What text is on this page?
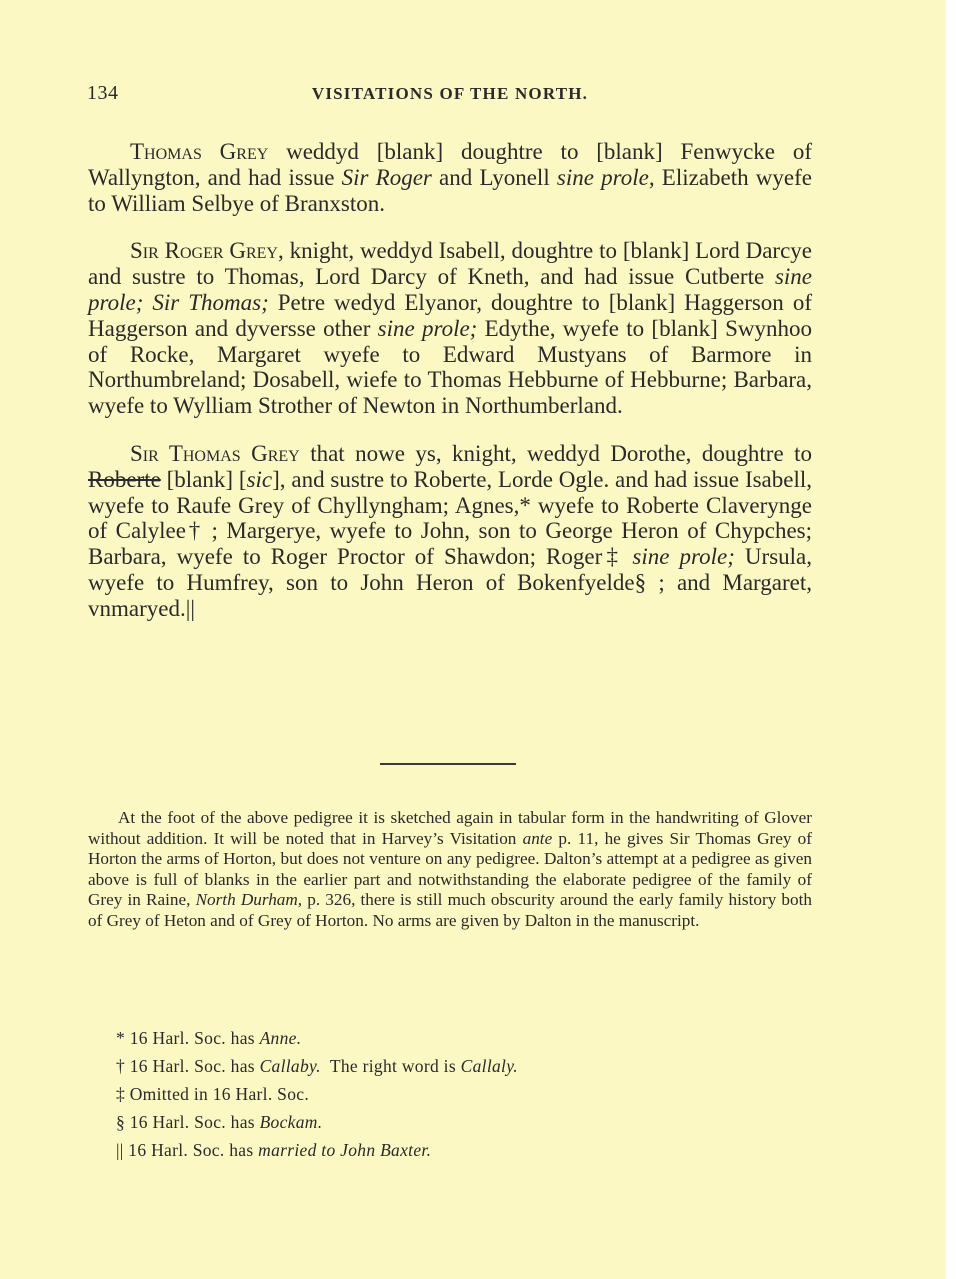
134	VISITATIONS OF THE NORTH.

Thomas Grey weddyd [blank] doughtre to [blank] Fenwycke of Wallyngton, and had issue Sir Roger and Lyonell sine prole, Elizabeth wyefe to William Selbye of Branxston.

Sir Roger Grey, knight, weddyd Isabell, doughtre to [blank] Lord Darcye and sustre to Thomas, Lord Darcy of Kneth, and had issue Cutberte sine prole; Sir Thomas; Petre wedyd Elyanor, doughtre to [blank] Haggerson of Haggerson and dyversse other sine prole; Edythe, wyefe to [blank] Swynhoo of Rocke, Margaret wyefe to Edward Mustyans of Barmore in Northumbreland; Dosabell, wiefe to Thomas Hebburne of Hebburne; Barbara, wyefe to Wylliam Strother of Newton in Northumberland.

Sir Thomas Grey that nowe ys, knight, weddyd Dorothe, doughtre to Roberte [blank] [sic], and sustre to Roberte, Lorde Ogle. and had issue Isabell, wyefe to Raufe Grey of Chyllyngham; Agnes,* wyefe to Roberte Claverynge of Calylee† ; Margerye, wyefe to John, son to George Heron of Chypches; Barbara, wyefe to Roger Proctor of Shawdon; Roger‡ sine prole; Ursula, wyefe to Humfrey, son to John Heron of Bokenfyelde§ ; and Margaret, vnmaryed.||

At the foot of the above pedigree it is sketched again in tabular form in the handwriting of Glover without addition. It will be noted that in Harvey’s Visitation ante p. 11, he gives Sir Thomas Grey of Horton the arms of Horton, but does not venture on any pedigree. Dalton’s attempt at a pedigree as given above is full of blanks in the earlier part and notwithstanding the elaborate pedigree of the family of Grey in Raine, North Durham, p. 326, there is still much obscurity around the early family history both of Grey of Heton and of Grey of Horton. No arms are given by Dalton in the manuscript.

* 16 Harl. Soc. has Anne.
† 16 Harl. Soc. has Callaby.  The right word is Callaly.
‡ Omitted in 16 Harl. Soc.
§ 16 Harl. Soc. has Bockam.
|| 16 Harl. Soc. has married to John Baxter.
